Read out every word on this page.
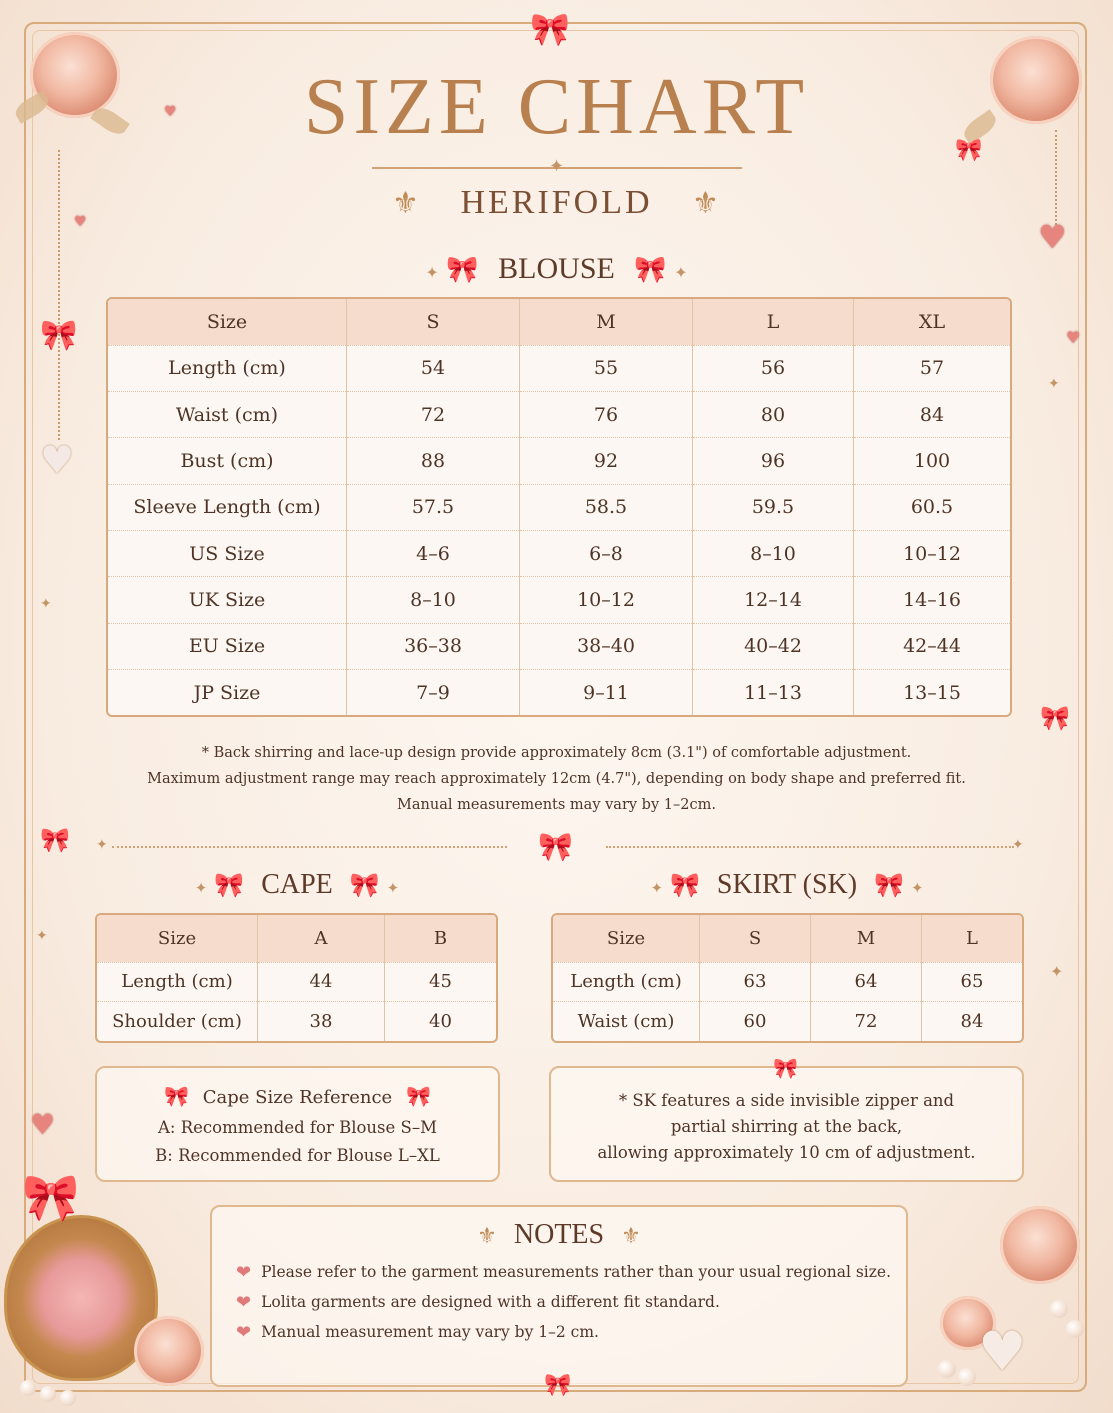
♥
🎀
♥
♥
♥
♥
♥
🎀
🎀
🎀
🎀
✦
✦
✦
✦
🎀
♥
SIZE CHART
✦
⚜	HERIFOLD	⚜
✦ 🎀 BLOUSE 🎀 ✦
Size	S	M	L	XL
Length (cm)	54	55	56	57
Waist (cm)	72	76	80	84
Bust (cm)	88	92	96	100
Sleeve Length (cm)	57.5	58.5	59.5	60.5
US Size	4–6	6–8	8–10	10–12
UK Size	8–10	10–12	12–14	14–16
EU Size	36–38	38–40	40–42	42–44
JP Size	7–9	9–11	11–13	13–15
* Back shirring and lace-up design provide approximately 8cm (3.1") of comfortable adjustment.
Maximum adjustment range may reach approximately 12cm (4.7"), depending on body shape and preferred fit.
Manual measurements may vary by 1–2cm.
🎀
✦	✦
✦ 🎀 CAPE 🎀 ✦	✦ 🎀 SKIRT (SK) 🎀 ✦
Size	A	B
Length (cm)	44	45
Shoulder (cm)	38	40
Size	S	M	L
Length (cm)	63	64	65
Waist (cm)	60	72	84
🎀 Cape Size Reference 🎀
A: Recommended for Blouse S–M
B: Recommended for Blouse L–XL
🎀
* SK features a side invisible zipper and
partial shirring at the back,
allowing approximately 10 cm of adjustment.
⚜ NOTES ⚜
❤ Please refer to the garment measurements rather than your usual regional size.
❤ Lolita garments are designed with a different fit standard.
❤ Manual measurement may vary by 1–2 cm.
🎀
